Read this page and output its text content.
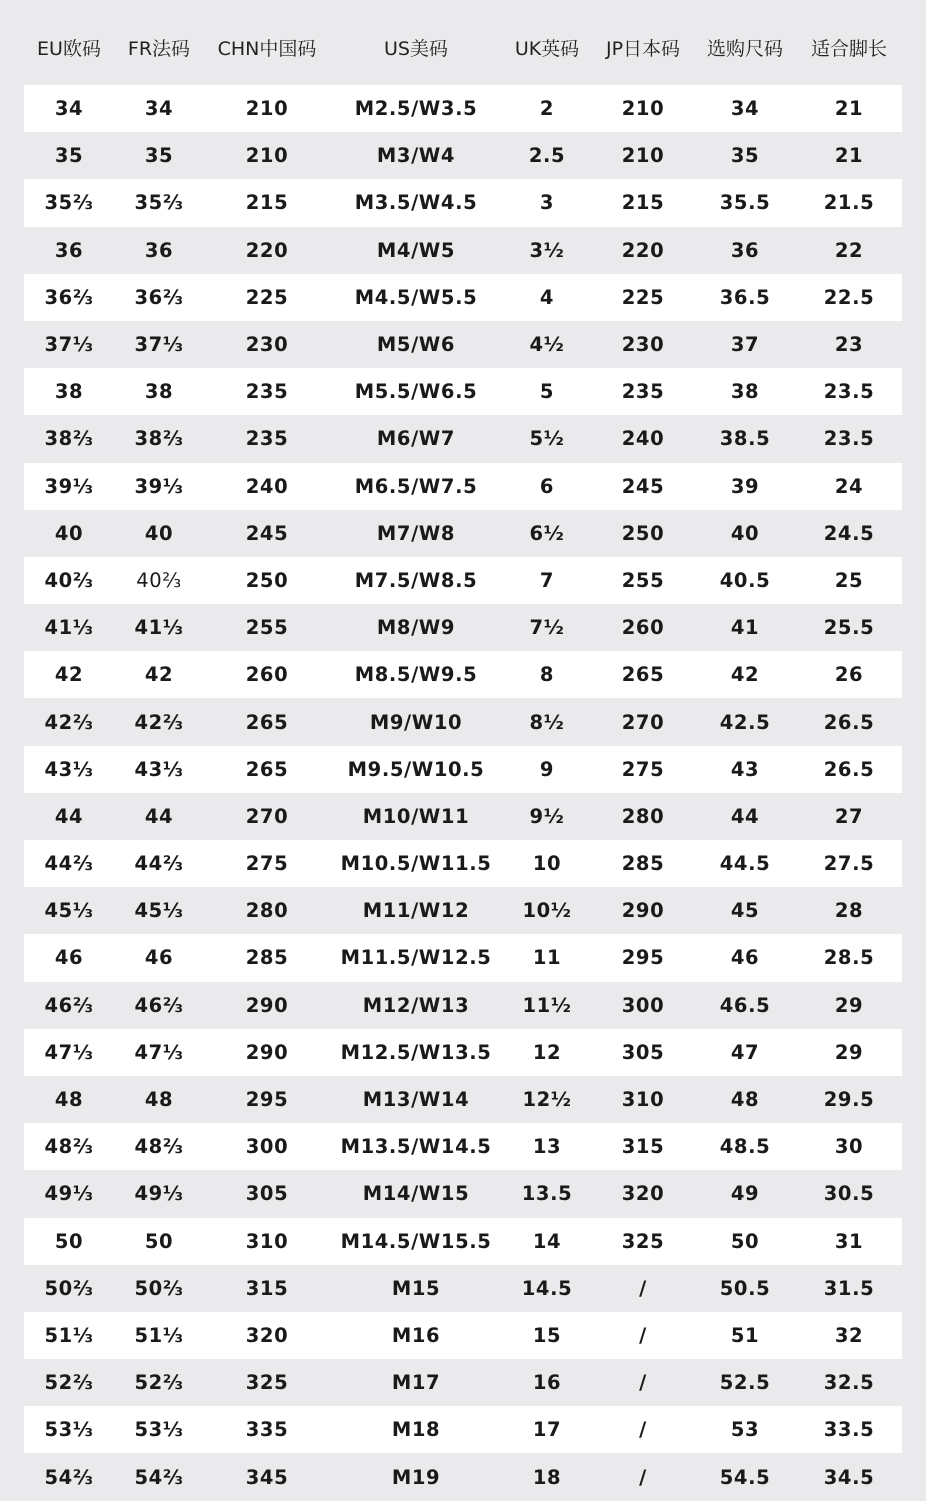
EU欧码	FR法码	CHN中国码	US美码	UK英码	JP日本码	选购尺码	适合脚长
34	34	210	M2.5/W3.5	2	210	34	21
35	35	210	M3/W4	2.5	210	35	21
35⅔	35⅔	215	M3.5/W4.5	3	215	35.5	21.5
36	36	220	M4/W5	3½	220	36	22
36⅔	36⅔	225	M4.5/W5.5	4	225	36.5	22.5
37⅓	37⅓	230	M5/W6	4½	230	37	23
38	38	235	M5.5/W6.5	5	235	38	23.5
38⅔	38⅔	235	M6/W7	5½	240	38.5	23.5
39⅓	39⅓	240	M6.5/W7.5	6	245	39	24
40	40	245	M7/W8	6½	250	40	24.5
40⅔	40⅔	250	M7.5/W8.5	7	255	40.5	25
41⅓	41⅓	255	M8/W9	7½	260	41	25.5
42	42	260	M8.5/W9.5	8	265	42	26
42⅔	42⅔	265	M9/W10	8½	270	42.5	26.5
43⅓	43⅓	265	M9.5/W10.5	9	275	43	26.5
44	44	270	M10/W11	9½	280	44	27
44⅔	44⅔	275	M10.5/W11.5	10	285	44.5	27.5
45⅓	45⅓	280	M11/W12	10½	290	45	28
46	46	285	M11.5/W12.5	11	295	46	28.5
46⅔	46⅔	290	M12/W13	11½	300	46.5	29
47⅓	47⅓	290	M12.5/W13.5	12	305	47	29
48	48	295	M13/W14	12½	310	48	29.5
48⅔	48⅔	300	M13.5/W14.5	13	315	48.5	30
49⅓	49⅓	305	M14/W15	13.5	320	49	30.5
50	50	310	M14.5/W15.5	14	325	50	31
50⅔	50⅔	315	M15	14.5	/	50.5	31.5
51⅓	51⅓	320	M16	15	/	51	32
52⅔	52⅔	325	M17	16	/	52.5	32.5
53⅓	53⅓	335	M18	17	/	53	33.5
54⅔	54⅔	345	M19	18	/	54.5	34.5
